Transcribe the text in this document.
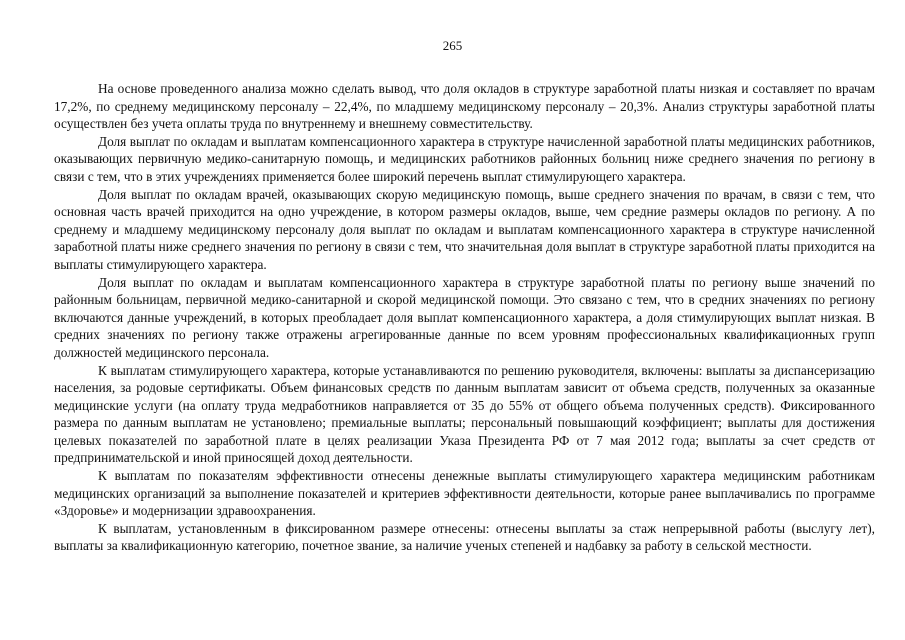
265

На основе проведенного анализа можно сделать вывод, что доля окладов в структуре заработной платы низкая и составляет по врачам 17,2%, по среднему медицинскому персоналу – 22,4%, по младшему медицинскому персоналу – 20,3%. Анализ структуры заработной платы осуществлен без учета оплаты труда по внутреннему и внешнему совместительству.

Доля выплат по окладам и выплатам компенсационного характера в структуре начисленной заработной платы медицинских работников, оказывающих первичную медико-санитарную помощь, и медицинских работников районных больниц ниже среднего значения по региону в связи с тем, что в этих учреждениях применяется более широкий перечень выплат стимулирующего характера.

Доля выплат по окладам врачей, оказывающих скорую медицинскую помощь, выше среднего значения по врачам, в связи с тем, что основная часть врачей приходится на одно учреждение, в котором размеры окладов, выше, чем средние размеры окладов по региону. А по среднему и младшему медицинскому персоналу доля выплат по окладам и выплатам компенсационного характера в структуре начисленной заработной платы ниже среднего значения по региону в связи с тем, что значительная доля выплат в структуре заработной платы приходится на выплаты стимулирующего характера.

Доля выплат по окладам и выплатам компенсационного характера в структуре заработной платы по региону выше значений по районным больницам, первичной медико-санитарной и скорой медицинской помощи. Это связано с тем, что в средних значениях по региону включаются данные учреждений, в которых преобладает доля выплат компенсационного характера, а доля стимулирующих выплат низкая. В средних значениях по региону также отражены агрегированные данные по всем уровням профессиональных квалификационных групп должностей медицинского персонала.

К выплатам стимулирующего характера, которые устанавливаются по решению руководителя, включены: выплаты за диспансеризацию населения, за родовые сертификаты. Объем финансовых средств по данным выплатам зависит от объема средств, полученных за оказанные медицинские услуги (на оплату труда медработников направляется от 35 до 55% от общего объема полученных средств). Фиксированного размера по данным выплатам не установлено; премиальные выплаты; персональный повышающий коэффициент; выплаты для достижения целевых показателей по заработной плате в целях реализации Указа Президента РФ от 7 мая 2012 года; выплаты за счет средств от предпринимательской и иной приносящей доход деятельности.

К выплатам по показателям эффективности отнесены денежные выплаты стимулирующего характера медицинским работникам медицинских организаций за выполнение показателей и критериев эффективности деятельности, которые ранее выплачивались по программе «Здоровье» и модернизации здравоохранения.

К выплатам, установленным в фиксированном размере отнесены: отнесены выплаты за стаж непрерывной работы (выслугу лет), выплаты за квалификационную категорию, почетное звание, за наличие ученых степеней и надбавку за работу в сельской местности.
